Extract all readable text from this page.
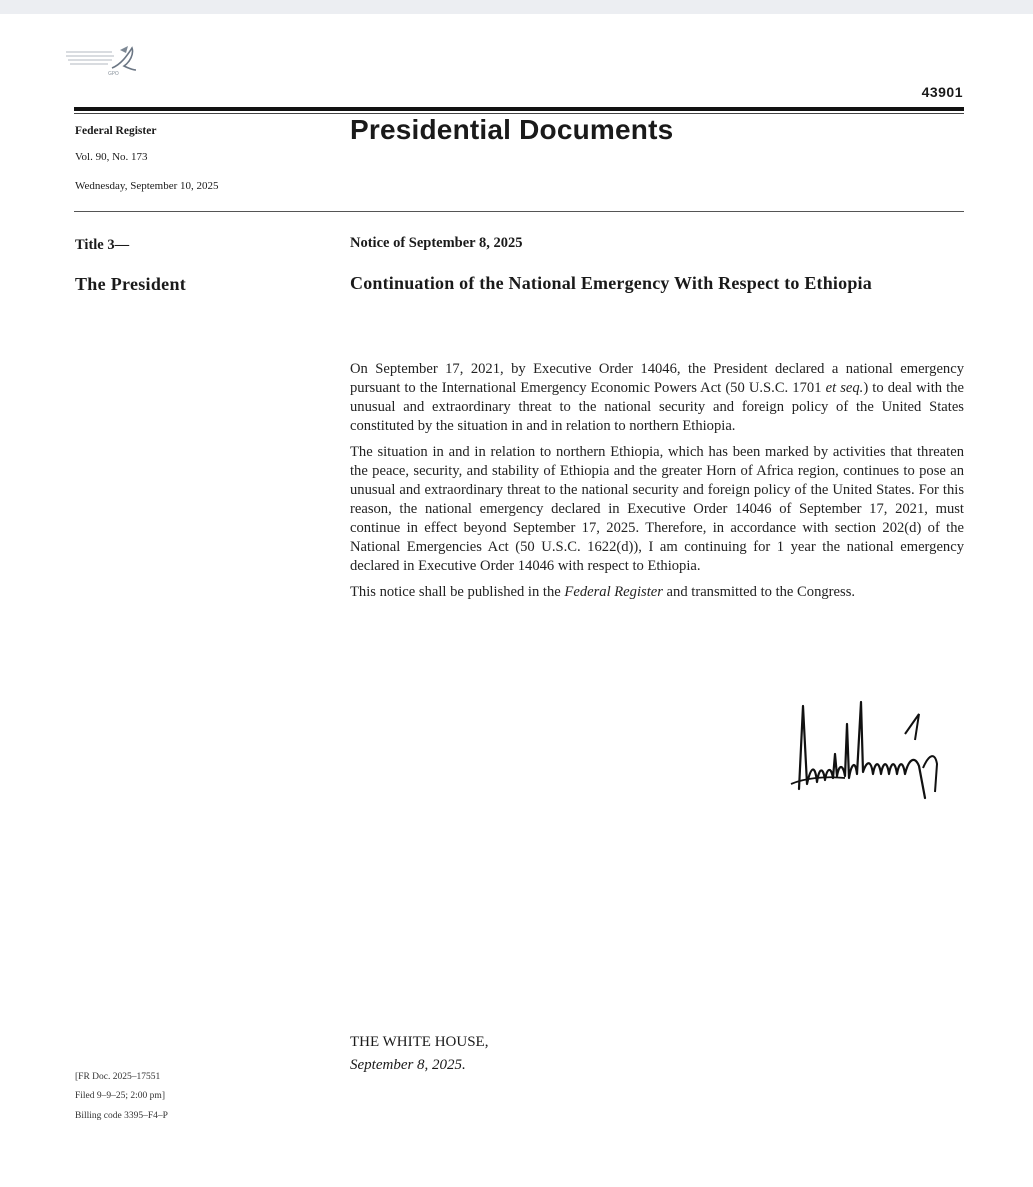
GPO
43901
Federal Register
Vol. 90, No. 173
Wednesday, September 10, 2025
Presidential Documents
Title 3—
The President
Notice of September 8, 2025
Continuation of the National Emergency With Respect to Ethiopia

On September 17, 2021, by Executive Order 14046, the President declared a national emergency pursuant to the International Emergency Economic Powers Act (50 U.S.C. 1701 et seq.) to deal with the unusual and extraordinary threat to the national security and foreign policy of the United States constituted by the situation in and in relation to northern Ethiopia.

The situation in and in relation to northern Ethiopia, which has been marked by activities that threaten the peace, security, and stability of Ethiopia and the greater Horn of Africa region, continues to pose an unusual and extraordinary threat to the national security and foreign policy of the United States. For this reason, the national emergency declared in Executive Order 14046 of September 17, 2021, must continue in effect beyond September 17, 2025. Therefore, in accordance with section 202(d) of the National Emergencies Act (50 U.S.C. 1622(d)), I am continuing for 1 year the national emergency declared in Executive Order 14046 with respect to Ethiopia.

This notice shall be published in the Federal Register and transmitted to the Congress.

THE WHITE HOUSE,
September 8, 2025.
[FR Doc. 2025–17551
Filed 9–9–25; 2:00 pm]
Billing code 3395–F4–P
